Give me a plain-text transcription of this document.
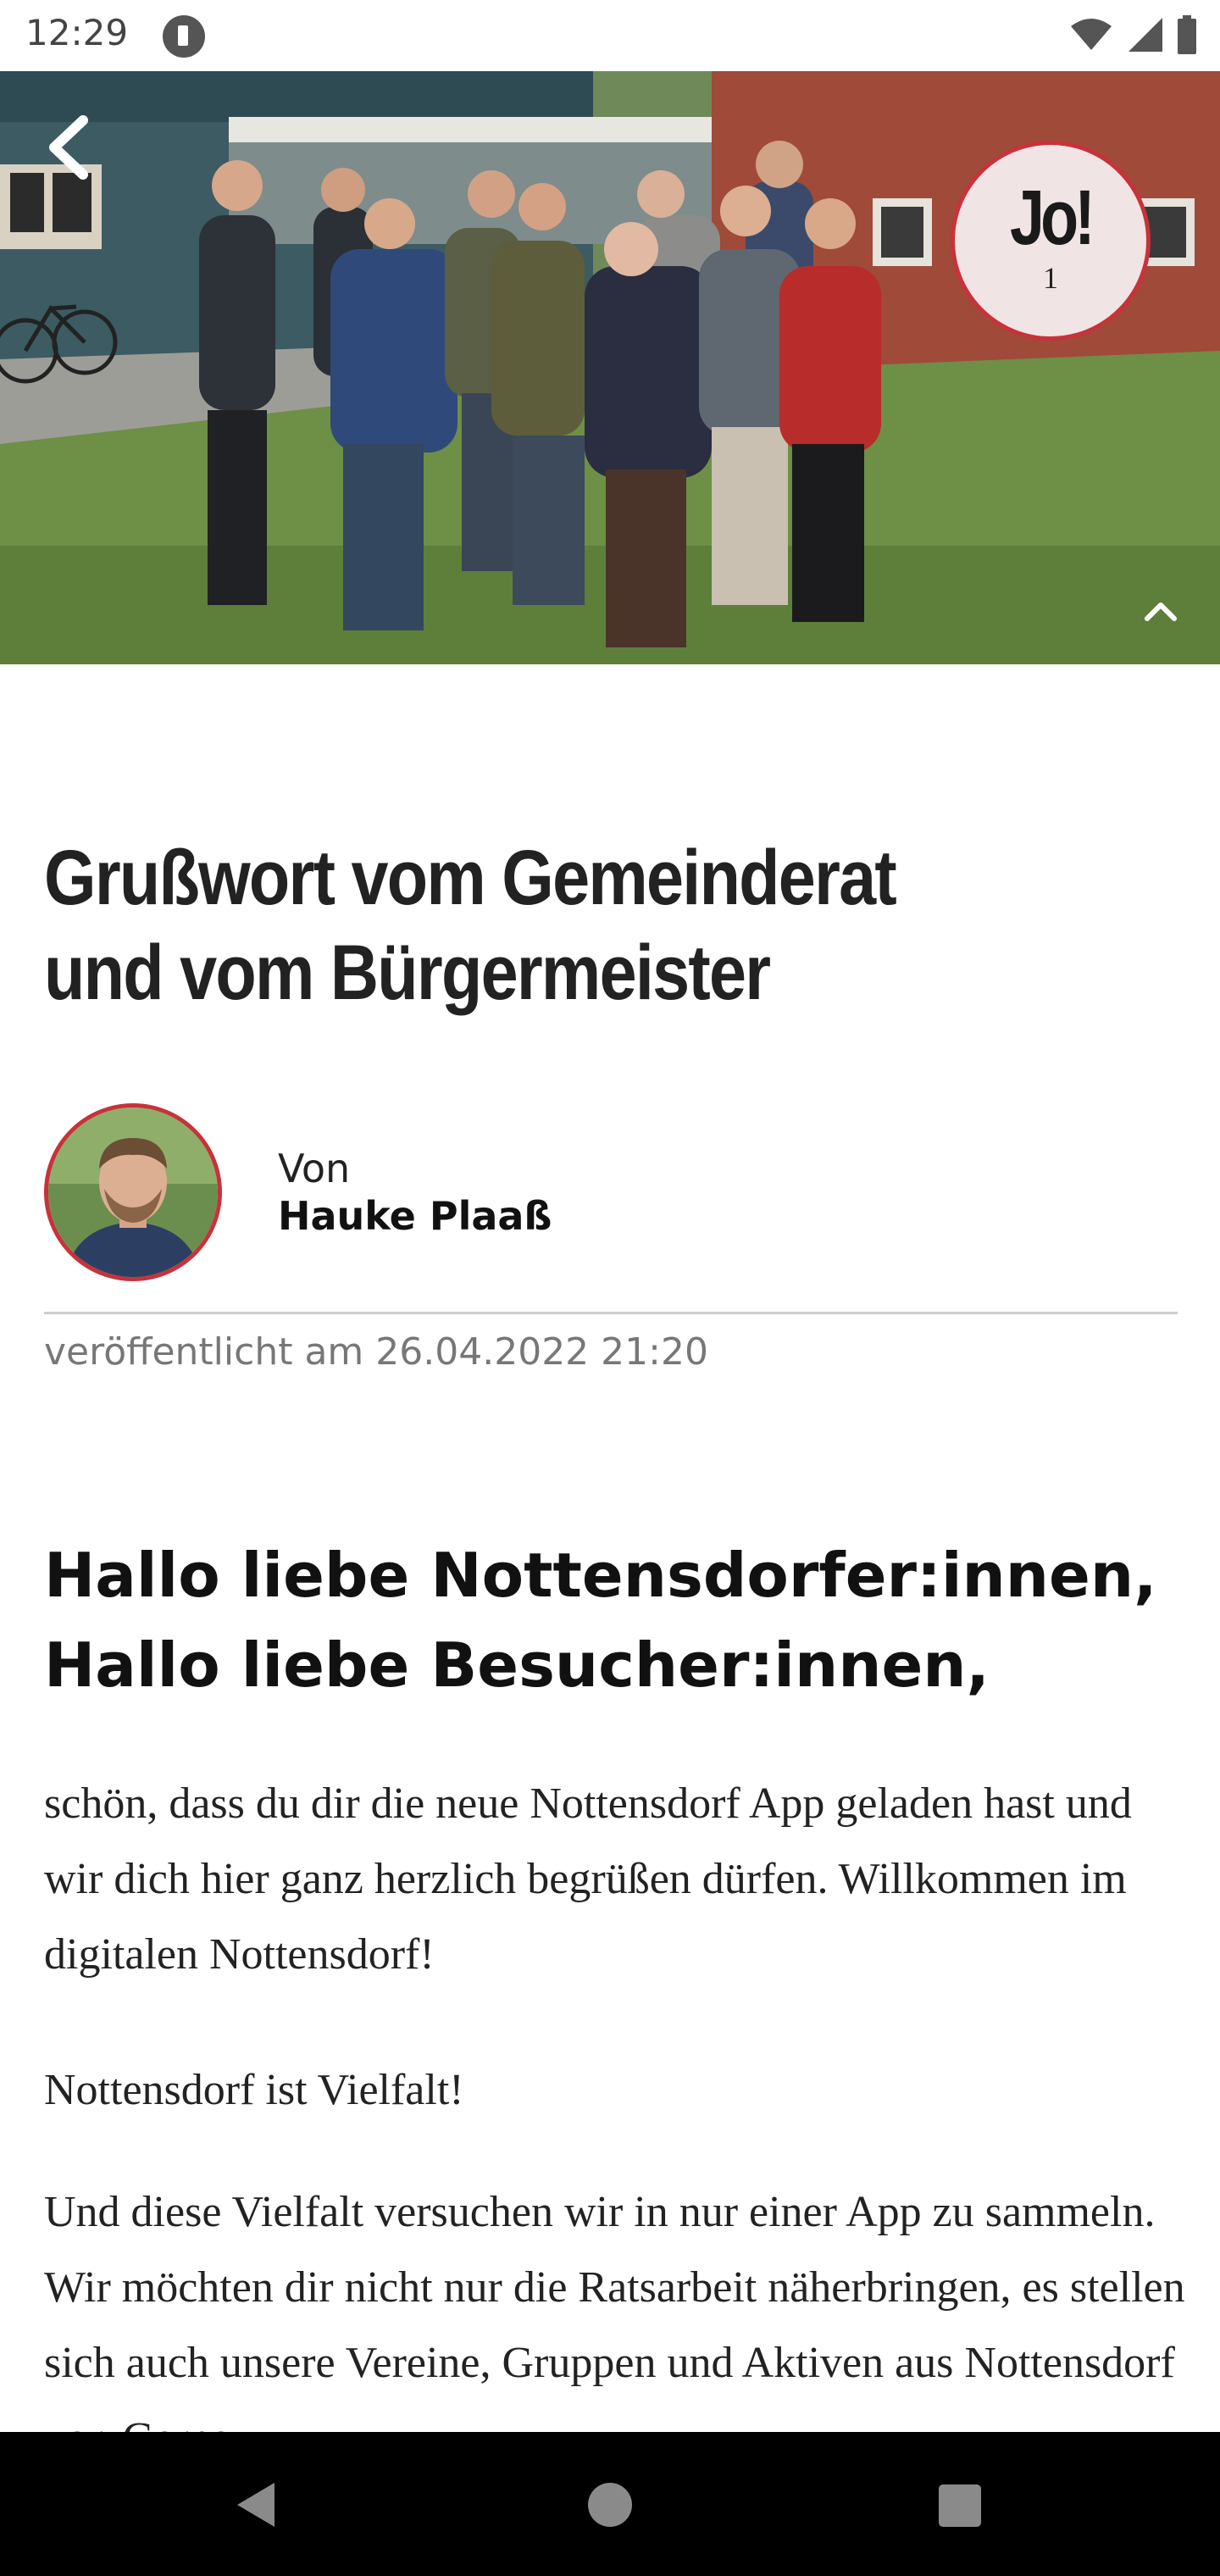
12:29
Jo!
1
Grußwort vom Gemeinderat und vom Bürgermeister
Von
Hauke Plaaß
veröffentlicht am 26.04.2022 21:20
Hallo liebe Nottensdorfer:innen, Hallo liebe Besucher:innen,

schön, dass du dir die neue Nottensdorf App geladen hast und wir dich hier ganz herzlich begrüßen dürfen. Willkommen im digitalen Nottensdorf!

Nottensdorf ist Vielfalt!

Und diese Vielfalt versuchen wir in nur einer App zu sammeln. Wir möchten dir nicht nur die Ratsarbeit näherbringen, es stellen sich auch unsere Vereine, Gruppen und Aktiven aus Nottensdorf
